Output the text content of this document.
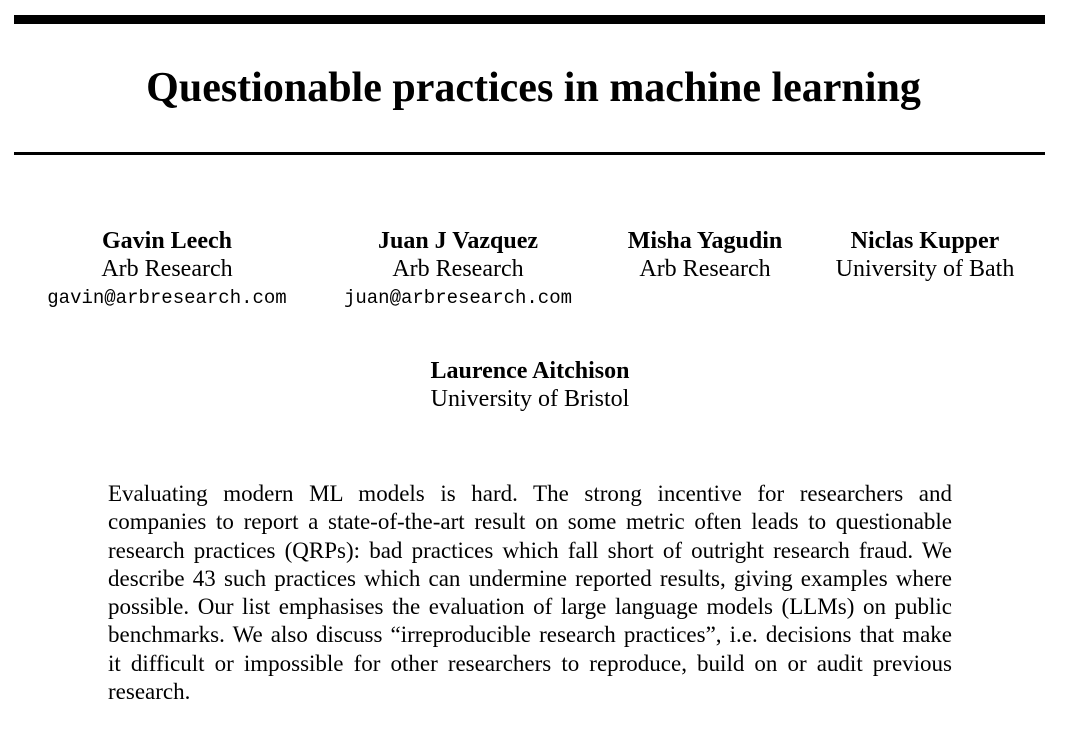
Questionable practices in machine learning
Gavin Leech
Arb Research
gavin@arbresearch.com
Juan J Vazquez
Arb Research
juan@arbresearch.com
Misha Yagudin
Arb Research
Niclas Kupper
University of Bath
Laurence Aitchison
University of Bristol

Evaluating modern ML models is hard. The strong incentive for researchers and companies to report a state-of-the-art result on some metric often leads to questionable research practices (QRPs): bad practices which fall short of outright research fraud. We describe 43 such practices which can undermine reported results, giving examples where possible. Our list emphasises the evaluation of large language models (LLMs) on public benchmarks. We also discuss “irreproducible research practices”, i.e. decisions that make it difficult or impossible for other researchers to reproduce, build on or audit previous research.
